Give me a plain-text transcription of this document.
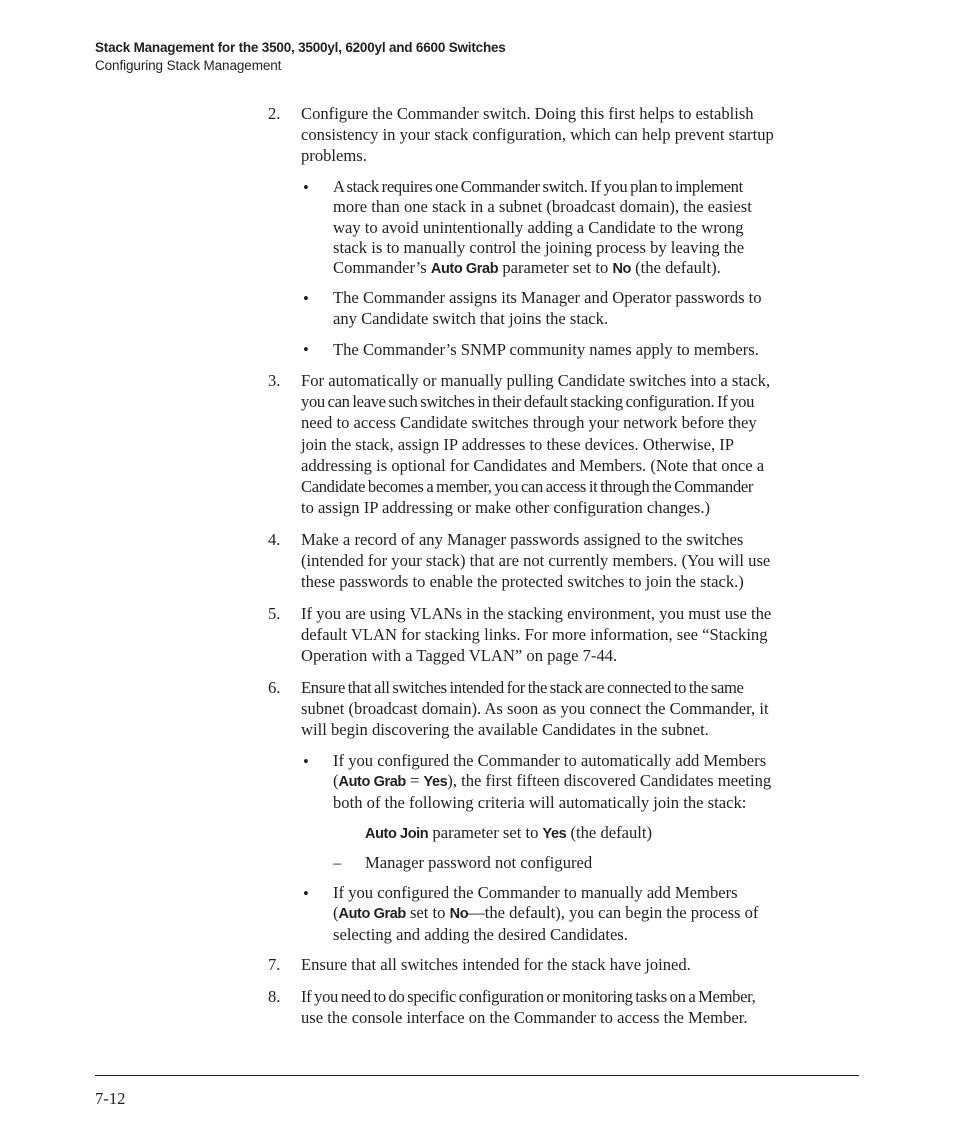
Stack Management for the 3500, 3500yl, 6200yl and 6600 Switches
Configuring Stack Management
2. Configure the Commander switch. Doing this first helps to establish
consistency in your stack configuration, which can help prevent startup
problems.
• A stack requires one Commander switch. If you plan to implement
more than one stack in a subnet (broadcast domain), the easiest
way to avoid unintentionally adding a Candidate to the wrong
stack is to manually control the joining process by leaving the
Commander’s Auto Grab parameter set to No (the default).
• The Commander assigns its Manager and Operator passwords to
any Candidate switch that joins the stack.
• The Commander’s SNMP community names apply to members.
3. For automatically or manually pulling Candidate switches into a stack,
you can leave such switches in their default stacking configuration. If you
need to access Candidate switches through your network before they
join the stack, assign IP addresses to these devices. Otherwise, IP
addressing is optional for Candidates and Members. (Note that once a
Candidate becomes a member, you can access it through the Commander
to assign IP addressing or make other configuration changes.)
4. Make a record of any Manager passwords assigned to the switches
(intended for your stack) that are not currently members. (You will use
these passwords to enable the protected switches to join the stack.)
5. If you are using VLANs in the stacking environment, you must use the
default VLAN for stacking links. For more information, see “Stacking
Operation with a Tagged VLAN” on page 7-44.
6. Ensure that all switches intended for the stack are connected to the same
subnet (broadcast domain). As soon as you connect the Commander, it
will begin discovering the available Candidates in the subnet.
• If you configured the Commander to automatically add Members
(Auto Grab = Yes), the first fifteen discovered Candidates meeting
both of the following criteria will automatically join the stack:
Auto Join parameter set to Yes (the default)
– Manager password not configured
• If you configured the Commander to manually add Members
(Auto Grab set to No—the default), you can begin the process of
selecting and adding the desired Candidates.
7. Ensure that all switches intended for the stack have joined.
8. If you need to do specific configuration or monitoring tasks on a Member,
use the console interface on the Commander to access the Member.
7-12
